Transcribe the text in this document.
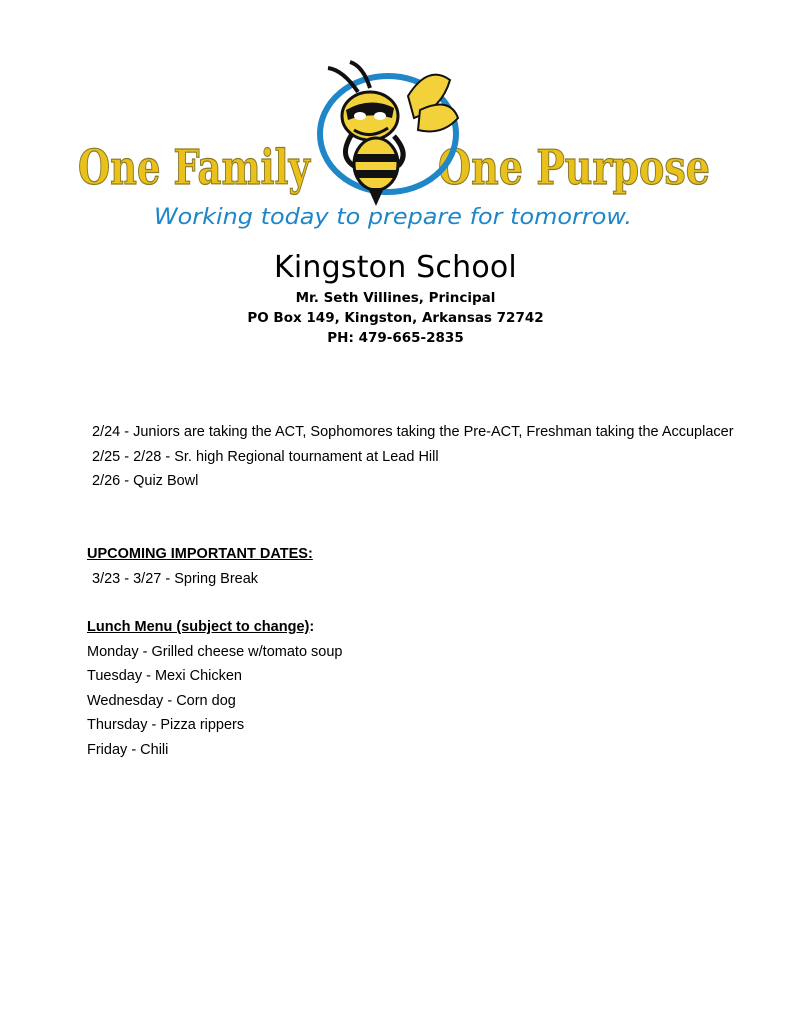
One Family	One Purpose
Working today to prepare for tomorrow.
Kingston School
Mr. Seth Villines, Principal
PO Box 149, Kingston, Arkansas 72742
PH: 479-665-2835
2/24 - Juniors are taking the ACT, Sophomores taking the Pre-ACT, Freshman taking the Accuplacer
2/25 - 2/28 - Sr. high Regional tournament at Lead Hill
2/26 - Quiz Bowl
UPCOMING IMPORTANT DATES:
3/23 - 3/27 - Spring Break
Lunch Menu (subject to change):
Monday - Grilled cheese w/tomato soup
Tuesday - Mexi Chicken
Wednesday - Corn dog
Thursday - Pizza rippers
Friday - Chili
